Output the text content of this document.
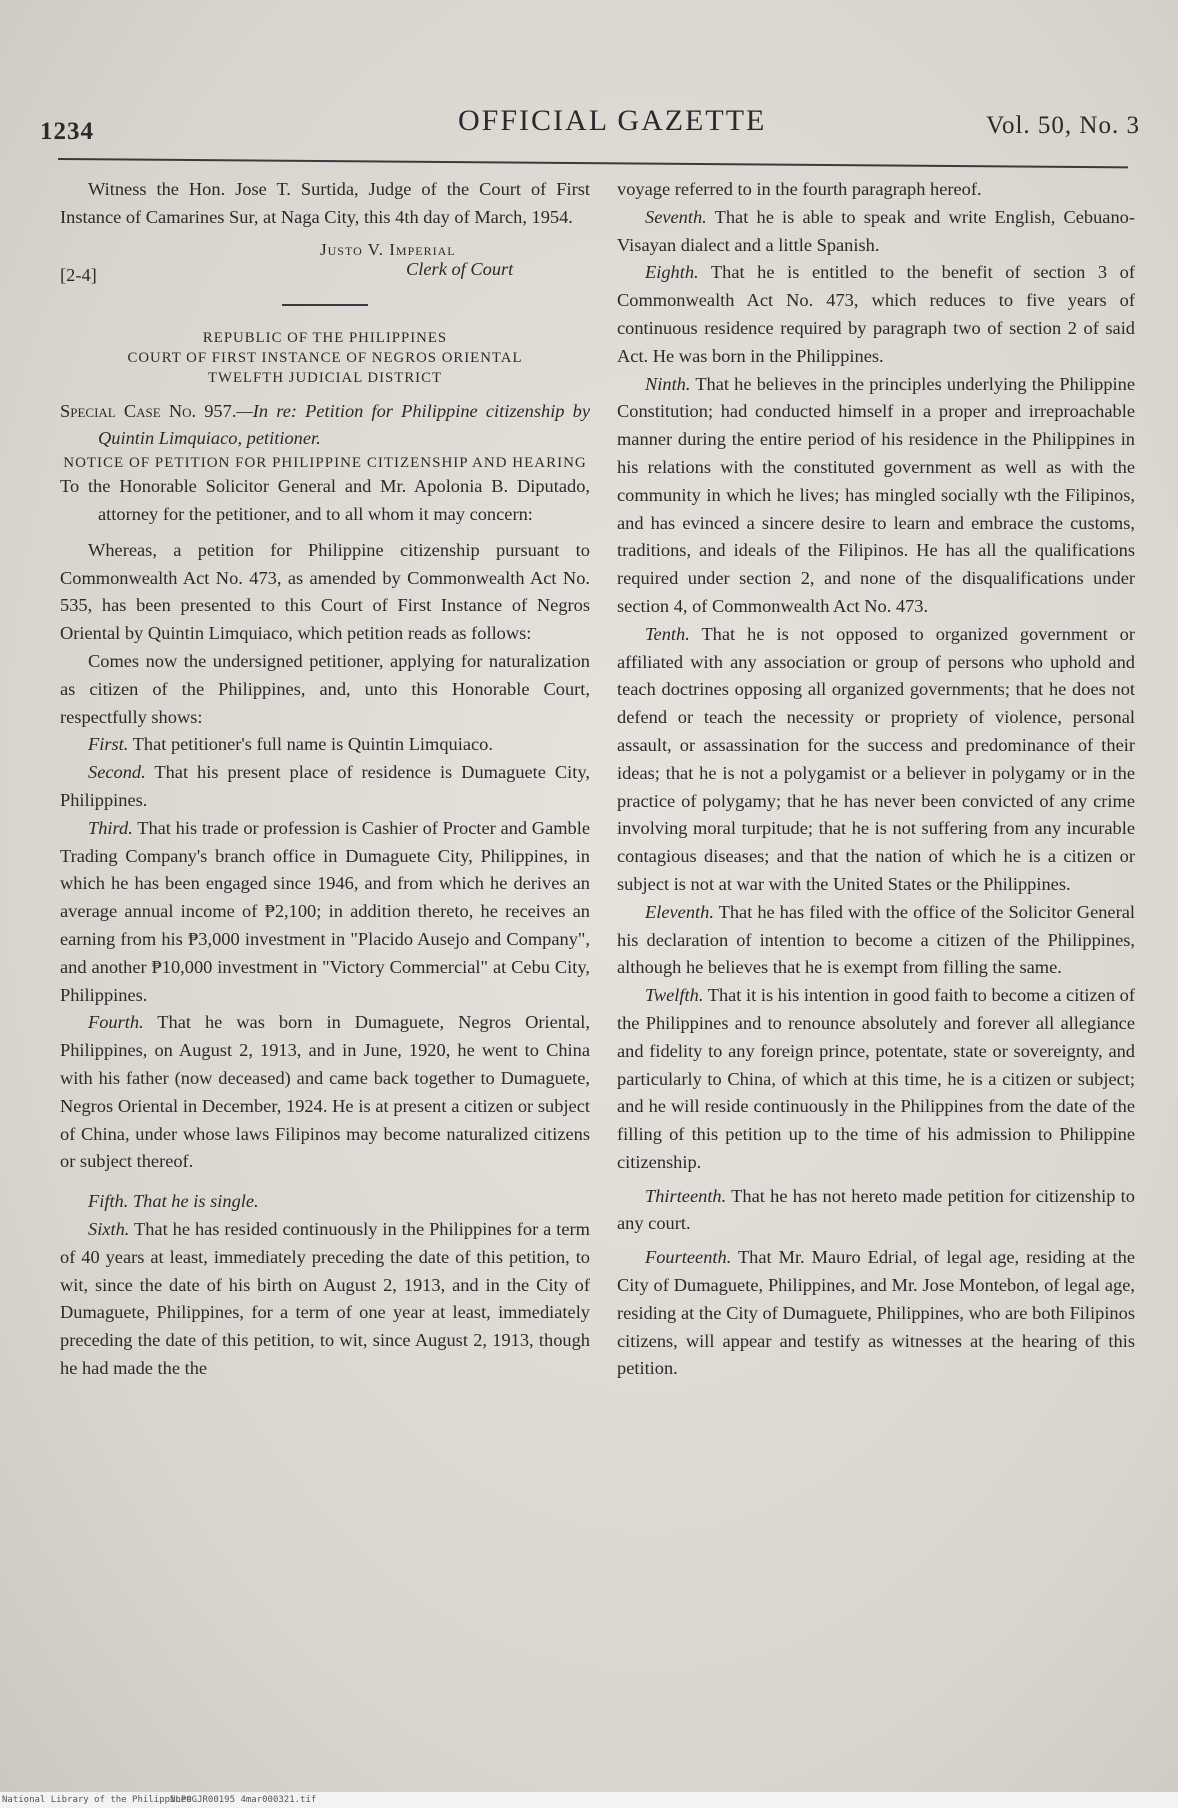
1234	OFFICIAL GAZETTE	Vol. 50, No. 3

Witness the Hon. Jose T. Surtida, Judge of the Court of First Instance of Camarines Sur, at Naga City, this 4th day of March, 1954.

Justo V. Imperial
Clerk of Court
[2-4]

REPUBLIC OF THE PHILIPPINES

COURT OF FIRST INSTANCE OF NEGROS ORIENTAL

TWELFTH JUDICIAL DISTRICT

Special Case No. 957.—In re: Petition for Philippine citizenship by Quintin Limquiaco, petitioner.

NOTICE OF PETITION FOR PHILIPPINE CITIZENSHIP AND HEARING

To the Honorable Solicitor General and Mr. Apolonia B. Diputado, attorney for the petitioner, and to all whom it may concern:

Whereas, a petition for Philippine citizenship pursuant to Commonwealth Act No. 473, as amended by Commonwealth Act No. 535, has been presented to this Court of First Instance of Negros Oriental by Quintin Limquiaco, which petition reads as follows:

Comes now the undersigned petitioner, applying for naturalization as citizen of the Philippines, and, unto this Honorable Court, respectfully shows:

First. That petitioner's full name is Quintin Limquiaco.

Second. That his present place of residence is Dumaguete City, Philippines.

Third. That his trade or profession is Cashier of Procter and Gamble Trading Company's branch office in Dumaguete City, Philippines, in which he has been engaged since 1946, and from which he derives an average annual income of ₱2,100; in addition thereto, he receives an earning from his ₱3,000 investment in "Placido Ausejo and Company", and another ₱10,000 investment in "Victory Commercial" at Cebu City, Philippines.

Fourth. That he was born in Dumaguete, Negros Oriental, Philippines, on August 2, 1913, and in June, 1920, he went to China with his father (now deceased) and came back together to Dumaguete, Negros Oriental in December, 1924. He is at present a citizen or subject of China, under whose laws Filipinos may become naturalized citizens or subject thereof.

Fifth. That he is single.

Sixth. That he has resided continuously in the Philippines for a term of 40 years at least, immediately preceding the date of this petition, to wit, since the date of his birth on August 2, 1913, and in the City of Dumaguete, Philippines, for a term of one year at least, immediately preceding the date of this petition, to wit, since August 2, 1913, though he had made the the

voyage referred to in the fourth paragraph hereof.

Seventh. That he is able to speak and write English, Cebuano-Visayan dialect and a little Spanish.

Eighth. That he is entitled to the benefit of section 3 of Commonwealth Act No. 473, which reduces to five years of continuous residence required by paragraph two of section 2 of said Act. He was born in the Philippines.

Ninth. That he believes in the principles underlying the Philippine Constitution; had conducted himself in a proper and irreproachable manner during the entire period of his residence in the Philippines in his relations with the constituted government as well as with the community in which he lives; has mingled socially wth the Filipinos, and has evinced a sincere desire to learn and embrace the customs, traditions, and ideals of the Filipinos. He has all the qualifications required under section 2, and none of the disqualifications under section 4, of Commonwealth Act No. 473.

Tenth. That he is not opposed to organized government or affiliated with any association or group of persons who uphold and teach doctrines opposing all organized governments; that he does not defend or teach the necessity or propriety of violence, personal assault, or assassination for the success and predominance of their ideas; that he is not a polygamist or a believer in polygamy or in the practice of polygamy; that he has never been convicted of any crime involving moral turpitude; that he is not suffering from any incurable contagious diseases; and that the nation of which he is a citizen or subject is not at war with the United States or the Philippines.

Eleventh. That he has filed with the office of the Solicitor General his declaration of intention to become a citizen of the Philippines, although he believes that he is exempt from filling the same.

Twelfth. That it is his intention in good faith to become a citizen of the Philippines and to renounce absolutely and forever all allegiance and fidelity to any foreign prince, potentate, state or sovereignty, and particularly to China, of which at this time, he is a citizen or subject; and he will reside continuously in the Philippines from the date of the filling of this petition up to the time of his admission to Philippine citizenship.

Thirteenth. That he has not hereto made petition for citizenship to any court.

Fourteenth. That Mr. Mauro Edrial, of legal age, residing at the City of Dumaguete, Philippines, and Mr. Jose Montebon, of legal age, residing at the City of Dumaguete, Philippines, who are both Filipinos citizens, will appear and testify as witnesses at the hearing of this petition.

National Library of the Philippines
NLPOGJR00195 4mar000321.tif
